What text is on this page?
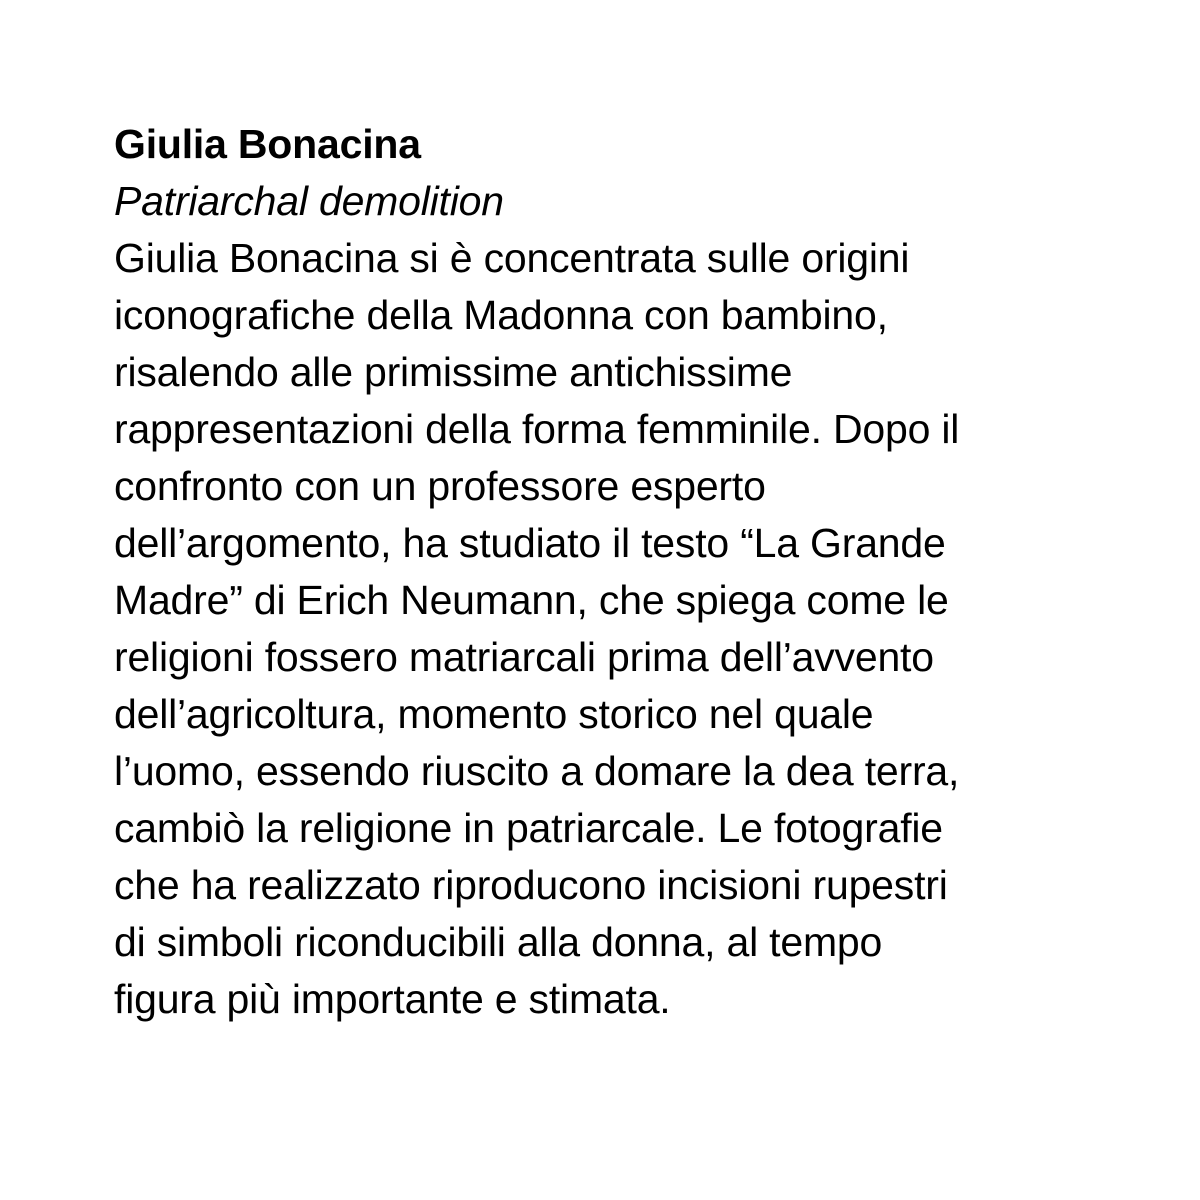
Giulia Bonacina
Patriarchal demolition
Giulia Bonacina si è concentrata sulle origini
iconografiche della Madonna con bambino,
risalendo alle primissime antichissime
rappresentazioni della forma femminile. Dopo il
confronto con un professore esperto
dell’argomento, ha studiato il testo “La Grande
Madre” di Erich Neumann, che spiega come le
religioni fossero matriarcali prima dell’avvento
dell’agricoltura, momento storico nel quale
l’uomo, essendo riuscito a domare la dea terra,
cambiò la religione in patriarcale. Le fotografie
che ha realizzato riproducono incisioni rupestri
di simboli riconducibili alla donna, al tempo
figura più importante e stimata.
